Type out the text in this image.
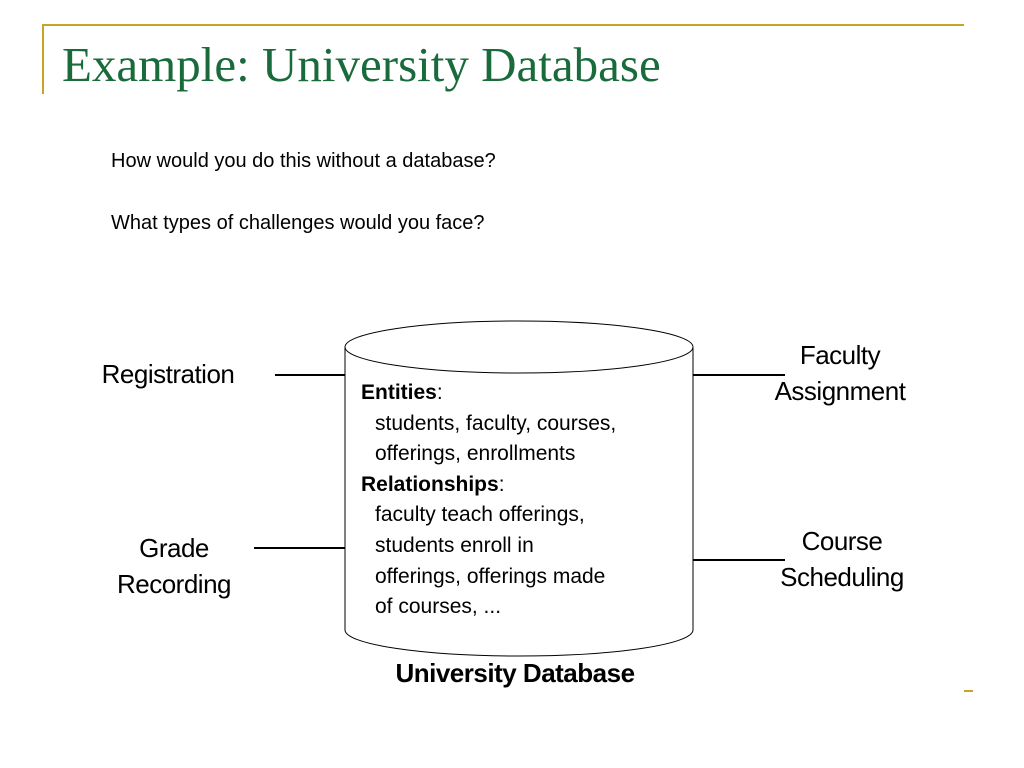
Example: University Database
How would you do this without a database?
What types of challenges would you face?
Registration
Grade
Recording
Faculty
Assignment
Course
Scheduling
Entities:
students, faculty, courses,
offerings, enrollments
Relationships:
faculty teach offerings,
students enroll in
offerings, offerings made
of courses, ...
University Database
